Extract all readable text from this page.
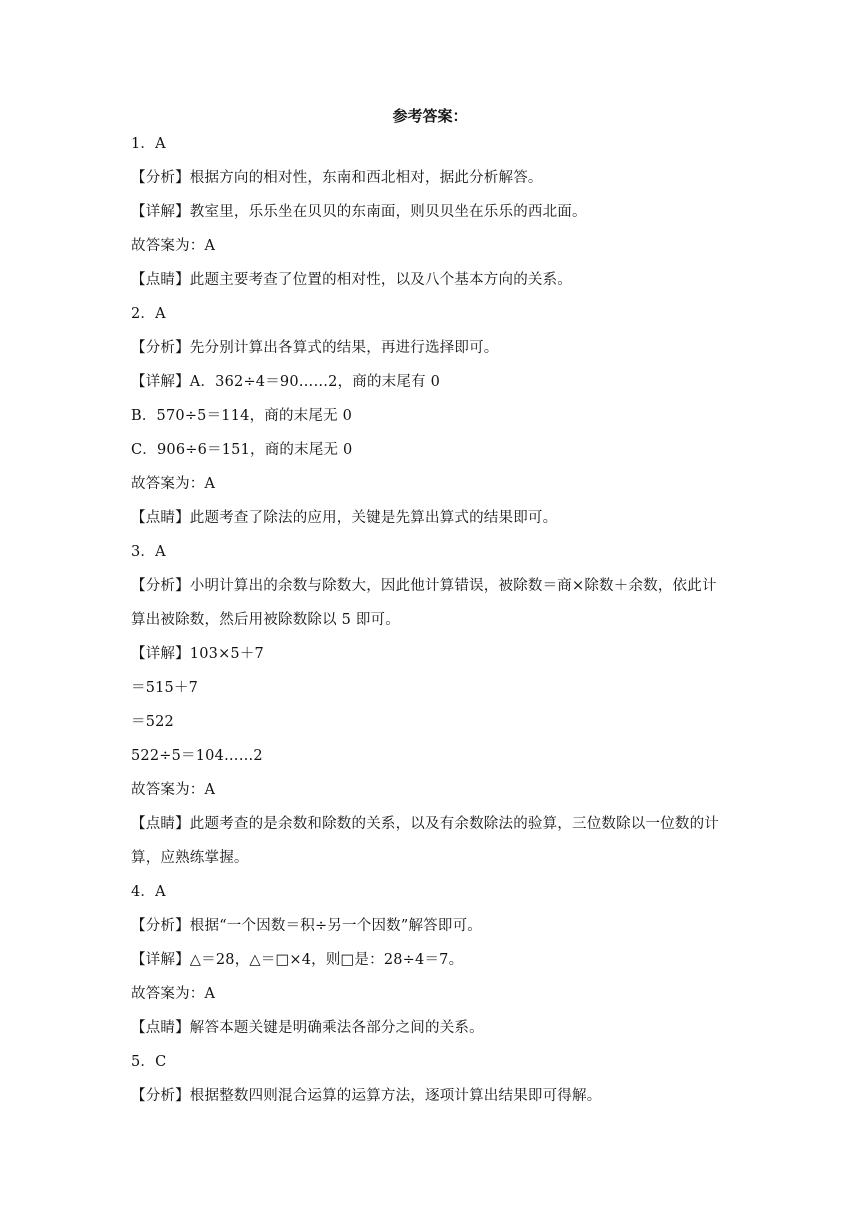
参考答案：
1．A
【分析】根据方向的相对性，东南和西北相对，据此分析解答。
【详解】教室里，乐乐坐在贝贝的东南面，则贝贝坐在乐乐的西北面。
故答案为：A
【点睛】此题主要考查了位置的相对性，以及八个基本方向的关系。
2．A
【分析】先分别计算出各算式的结果，再进行选择即可。
【详解】A．362÷4＝90……2，商的末尾有 0
B．570÷5＝114，商的末尾无 0
C．906÷6＝151，商的末尾无 0
故答案为：A
【点睛】此题考查了除法的应用，关键是先算出算式的结果即可。
3．A
【分析】小明计算出的余数与除数大，因此他计算错误，被除数＝商×除数＋余数，依此计
算出被除数，然后用被除数除以 5 即可。
【详解】103×5＋7
＝515＋7
＝522
522÷5＝104……2
故答案为：A
【点睛】此题考查的是余数和除数的关系，以及有余数除法的验算，三位数除以一位数的计
算，应熟练掌握。
4．A
【分析】根据“一个因数＝积÷另一个因数”解答即可。
【详解】△＝28，△＝□×4，则□是：28÷4＝7。
故答案为：A
【点睛】解答本题关键是明确乘法各部分之间的关系。
5．C
【分析】根据整数四则混合运算的运算方法，逐项计算出结果即可得解。
